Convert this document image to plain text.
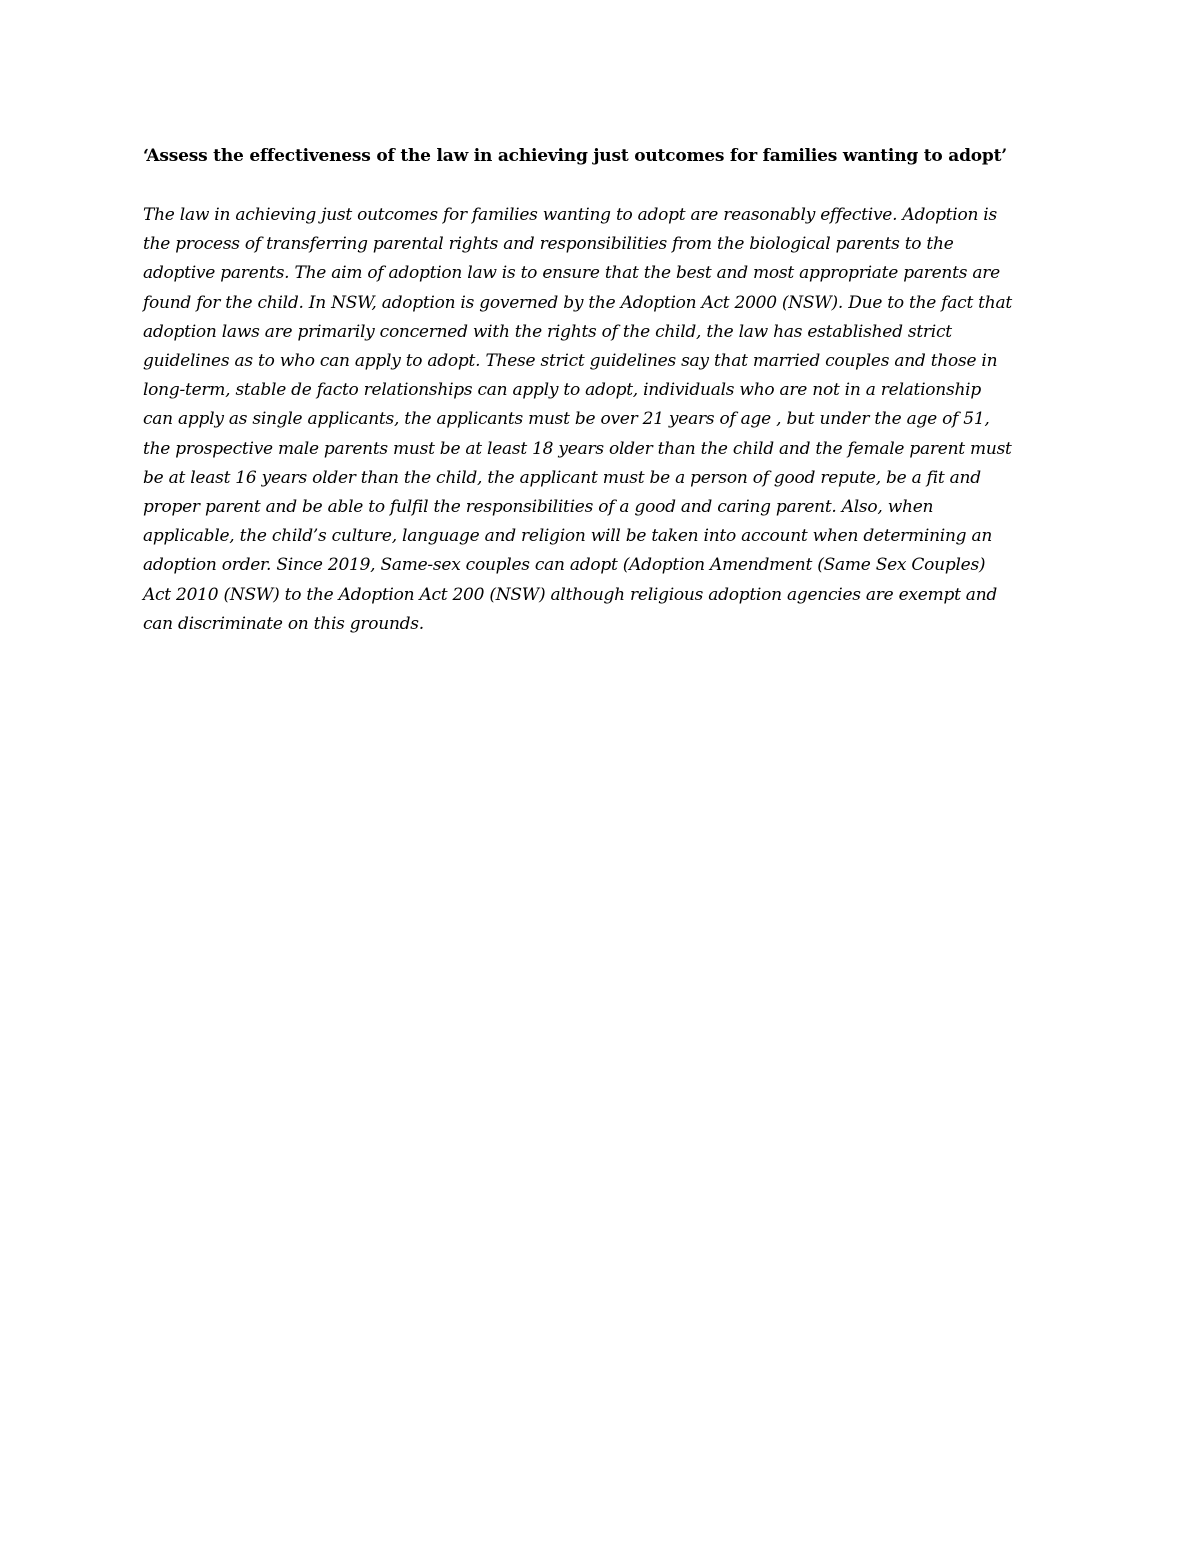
‘Assess the effectiveness of the law in achieving just outcomes for families wanting to adopt’

The law in achieving just outcomes for families wanting to adopt are reasonably effective. Adoption is
the process of transferring parental rights and responsibilities from the biological parents to the
adoptive parents. The aim of adoption law is to ensure that the best and most appropriate parents are
found for the child. In NSW, adoption is governed by the Adoption Act 2000 (NSW). Due to the fact that
adoption laws are primarily concerned with the rights of the child, the law has established strict
guidelines as to who can apply to adopt. These strict guidelines say that married couples and those in
long-term, stable de facto relationships can apply to adopt, individuals who are not in a relationship
can apply as single applicants, the applicants must be over 21 years of age , but under the age of 51,
the prospective male parents must be at least 18 years older than the child and the female parent must
be at least 16 years older than the child, the applicant must be a person of good repute, be a fit and
proper parent and be able to fulfil the responsibilities of a good and caring parent. Also, when
applicable, the child’s culture, language and religion will be taken into account when determining an
adoption order. Since 2019, Same-sex couples can adopt (Adoption Amendment (Same Sex Couples)
Act 2010 (NSW) to the Adoption Act 200 (NSW) although religious adoption agencies are exempt and
can discriminate on this grounds.
